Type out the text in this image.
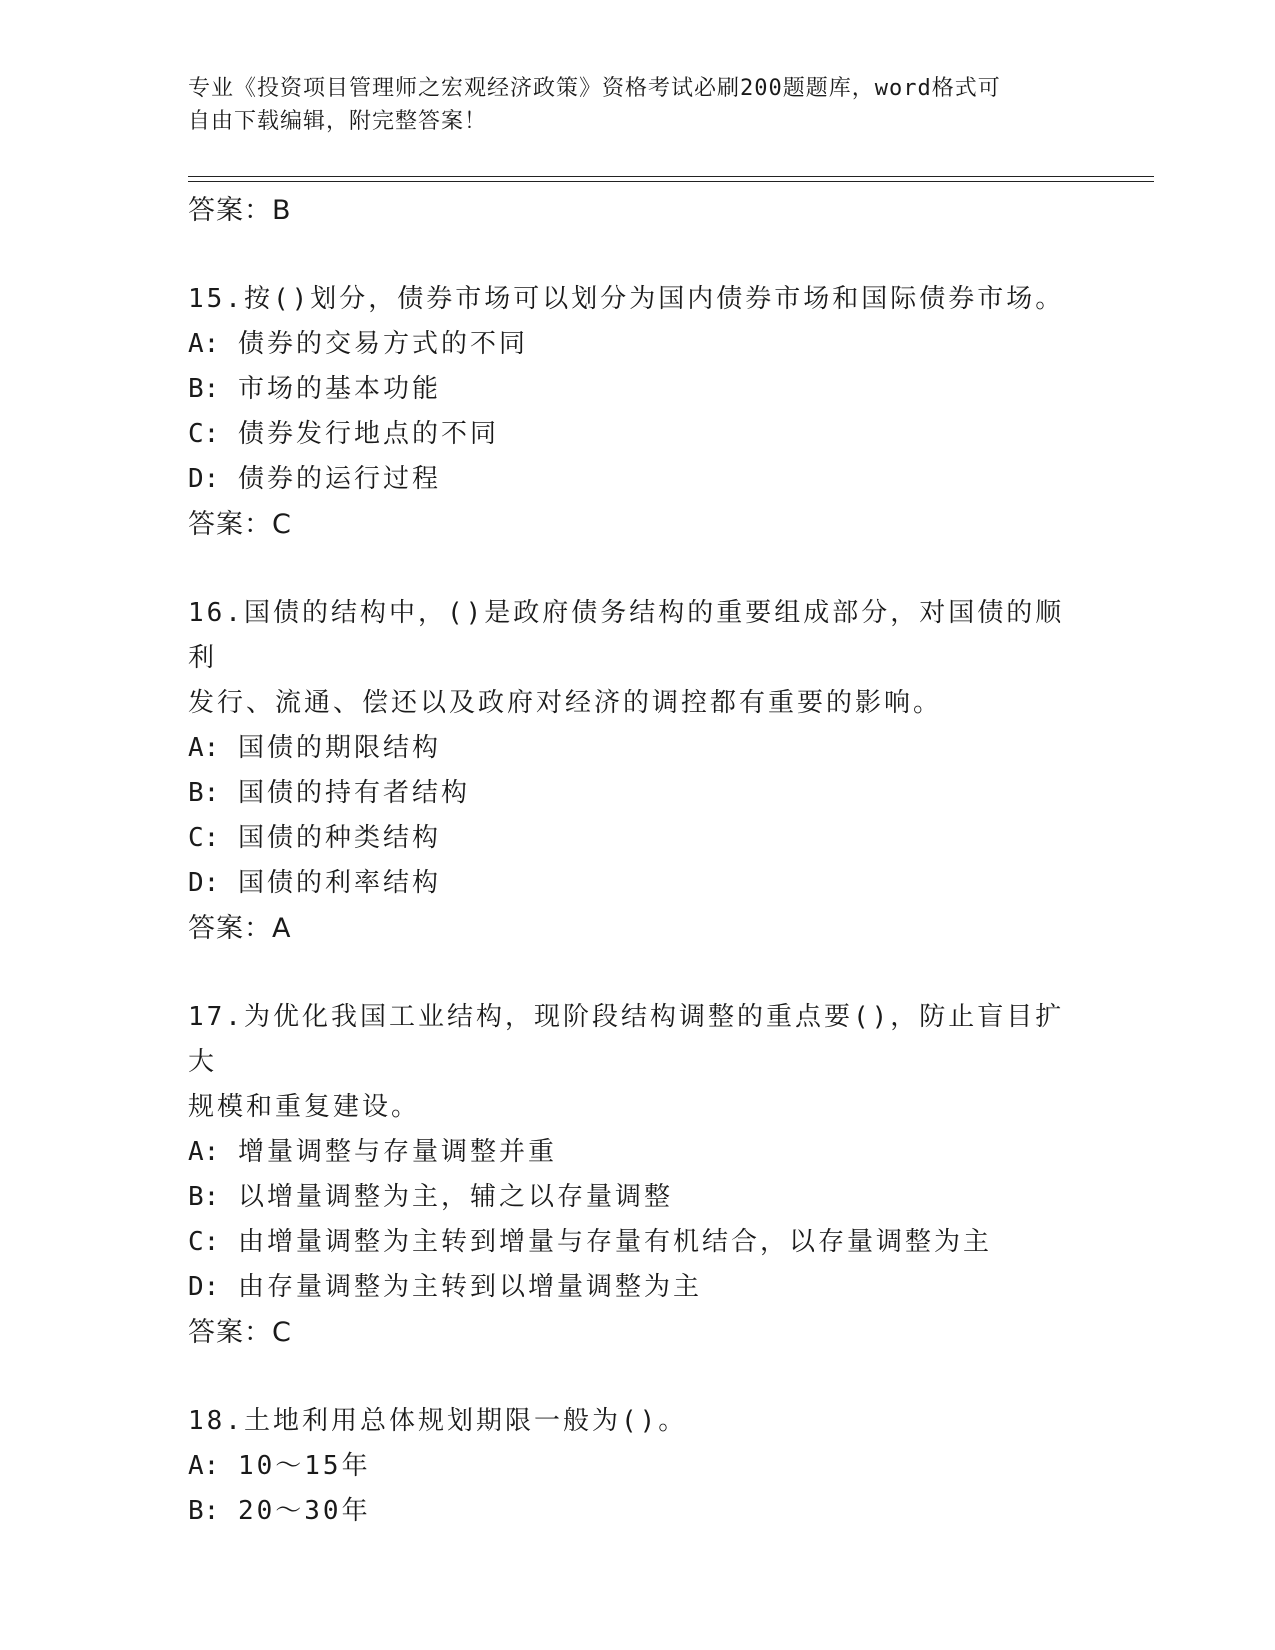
专业《投资项目管理师之宏观经济政策》资格考试必刷200题题库，word格式可
自由下载编辑，附完整答案！
答案：B
15.按()划分，债券市场可以划分为国内债券市场和国际债券市场。
A: 债券的交易方式的不同
B: 市场的基本功能
C: 债券发行地点的不同
D: 债券的运行过程
答案：C
16.国债的结构中，()是政府债务结构的重要组成部分，对国债的顺利
发行、流通、偿还以及政府对经济的调控都有重要的影响。
A: 国债的期限结构
B: 国债的持有者结构
C: 国债的种类结构
D: 国债的利率结构
答案：A
17.为优化我国工业结构，现阶段结构调整的重点要()，防止盲目扩大
规模和重复建设。
A: 增量调整与存量调整并重
B: 以增量调整为主，辅之以存量调整
C: 由增量调整为主转到增量与存量有机结合，以存量调整为主
D: 由存量调整为主转到以增量调整为主
答案：C
18.土地利用总体规划期限一般为()。
A: 10～15年
B: 20～30年
